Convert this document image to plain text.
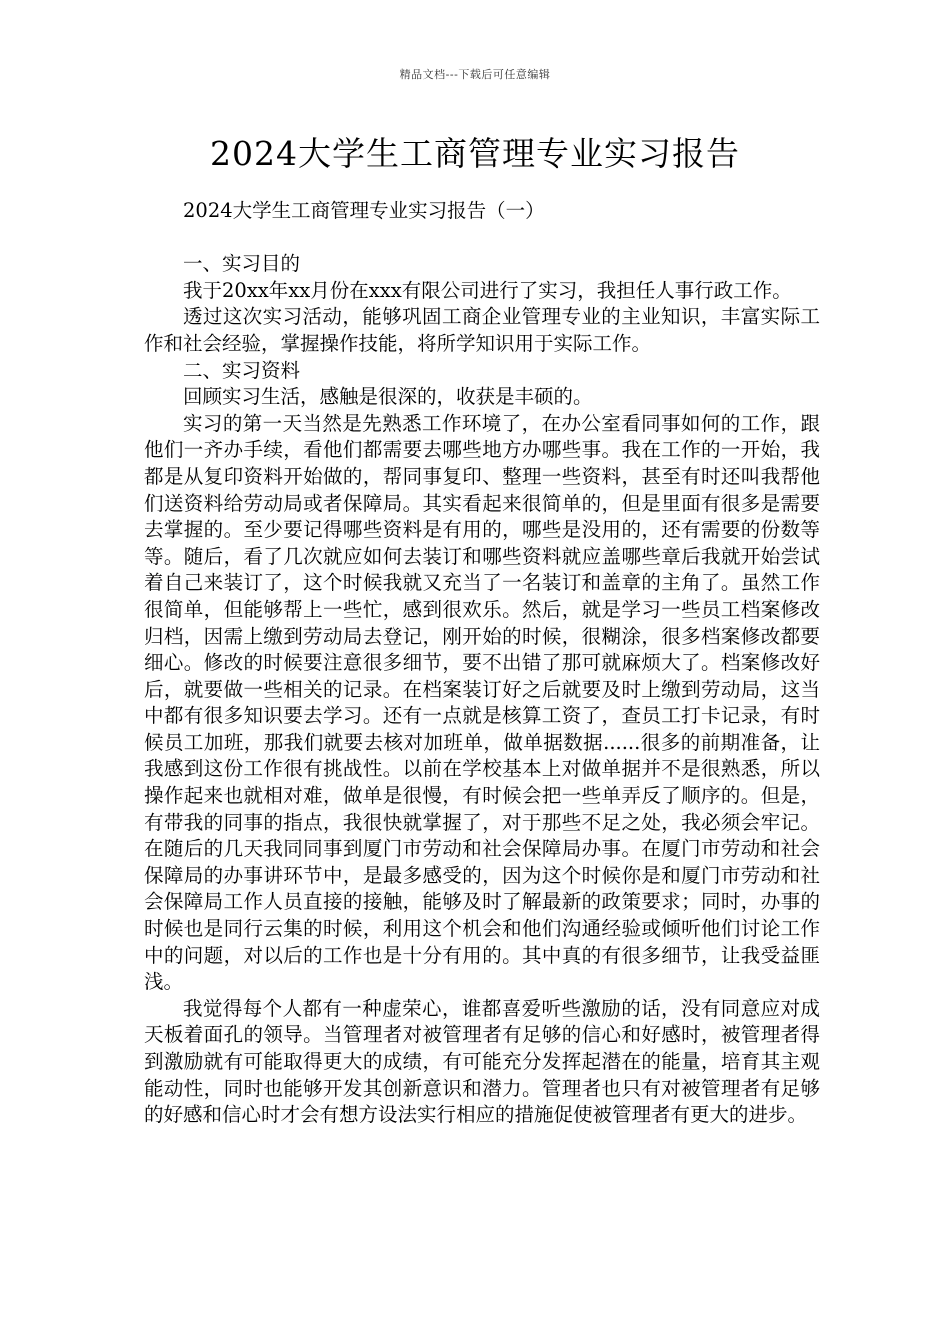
精品文档---下载后可任意编辑
2024大学生工商管理专业实习报告

2024大学生工商管理专业实习报告（一）

一、实习目的

我于20xx年xx月份在xxx有限公司进行了实习，我担任人事行政工作。

透过这次实习活动，能够巩固工商企业管理专业的主业知识，丰富实际工作和社会经验，掌握操作技能，将所学知识用于实际工作。

二、实习资料

回顾实习生活，感触是很深的，收获是丰硕的。

实习的第一天当然是先熟悉工作环境了，在办公室看同事如何的工作，跟他们一齐办手续，看他们都需要去哪些地方办哪些事。我在工作的一开始，我都是从复印资料开始做的，帮同事复印、整理一些资料，甚至有时还叫我帮他们送资料给劳动局或者保障局。其实看起来很简单的，但是里面有很多是需要去掌握的。至少要记得哪些资料是有用的，哪些是没用的，还有需要的份数等等。随后，看了几次就应如何去装订和哪些资料就应盖哪些章后我就开始尝试着自己来装订了，这个时候我就又充当了一名装订和盖章的主角了。虽然工作很简单，但能够帮上一些忙，感到很欢乐。然后，就是学习一些员工档案修改归档，因需上缴到劳动局去登记，刚开始的时候，很糊涂，很多档案修改都要细心。修改的时候要注意很多细节，要不出错了那可就麻烦大了。档案修改好后，就要做一些相关的记录。在档案装订好之后就要及时上缴到劳动局，这当中都有很多知识要去学习。还有一点就是核算工资了，查员工打卡记录，有时候员工加班，那我们就要去核对加班单，做单据数据......很多的前期准备，让我感到这份工作很有挑战性。以前在学校基本上对做单据并不是很熟悉，所以操作起来也就相对难，做单是很慢，有时候会把一些单弄反了顺序的。但是，有带我的同事的指点，我很快就掌握了，对于那些不足之处，我必须会牢记。在随后的几天我同同事到厦门市劳动和社会保障局办事。在厦门市劳动和社会保障局的办事讲环节中，是最多感受的，因为这个时候你是和厦门市劳动和社会保障局工作人员直接的接触，能够及时了解最新的政策要求；同时，办事的时候也是同行云集的时候，利用这个机会和他们沟通经验或倾听他们讨论工作中的问题，对以后的工作也是十分有用的。其中真的有很多细节，让我受益匪浅。

我觉得每个人都有一种虚荣心，谁都喜爱听些激励的话，没有同意应对成天板着面孔的领导。当管理者对被管理者有足够的信心和好感时，被管理者得到激励就有可能取得更大的成绩，有可能充分发挥起潜在的能量，培育其主观能动性，同时也能够开发其创新意识和潜力。管理者也只有对被管理者有足够的好感和信心时才会有想方设法实行相应的措施促使被管理者有更大的进步。
